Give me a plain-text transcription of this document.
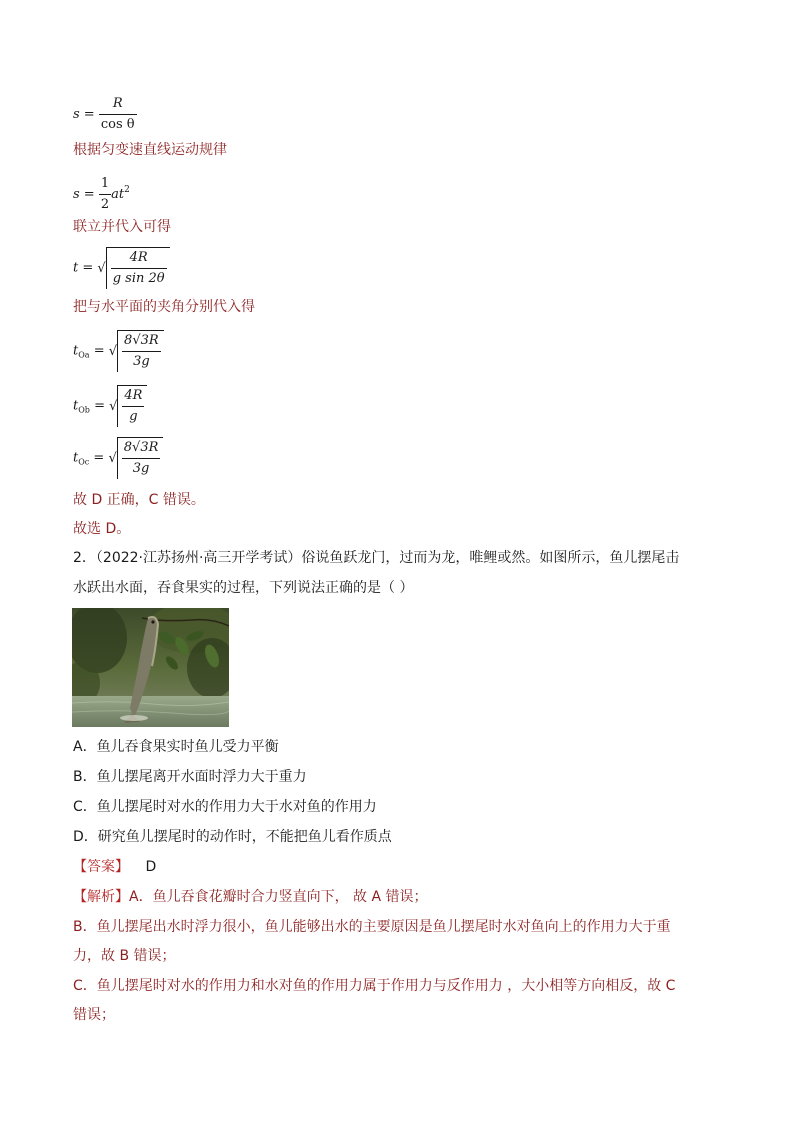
$s = \frac{R}{\text{cos θ}}$
根据匀变速直线运动规律
$s = \frac{1}{2} at^2$
联立并代入可得
t = √ $\frac{4R}{\text{g sin 2θ}}$
把与水平面的夹角分别代入得
$t_{Oa}$ = √ $\frac{8√3R}{3g}$
$t_{Ob}$ = √ $\frac{4R}{g}$
$t_{Oc}$ = √ $\frac{8√3R}{3g}$
故 D 正确，C 错误。
故选 D。
2．（2022·江苏扬州·高三开学考试）俗说鱼跃龙门，过而为龙，唯鲤或然。如图所示，鱼儿摆尾击
水跃出水面，吞食果实的过程，下列说法正确的是（ ）
A．鱼儿吞食果实时鱼儿受力平衡
B．鱼儿摆尾离开水面时浮力大于重力
C．鱼儿摆尾时对水的作用力大于水对鱼的作用力
D．研究鱼儿摆尾时的动作时，不能把鱼儿看作质点
【答案】 D
【解析】A．鱼儿吞食花瓣时合力竖直向下， 故 A 错误；
B．鱼儿摆尾出水时浮力很小，鱼儿能够出水的主要原因是鱼儿摆尾时水对鱼向上的作用力大于重
力，故 B 错误；
C．鱼儿摆尾时对水的作用力和水对鱼的作用力属于作用力与反作用力 ，大小相等方向相反，故 C
错误；
